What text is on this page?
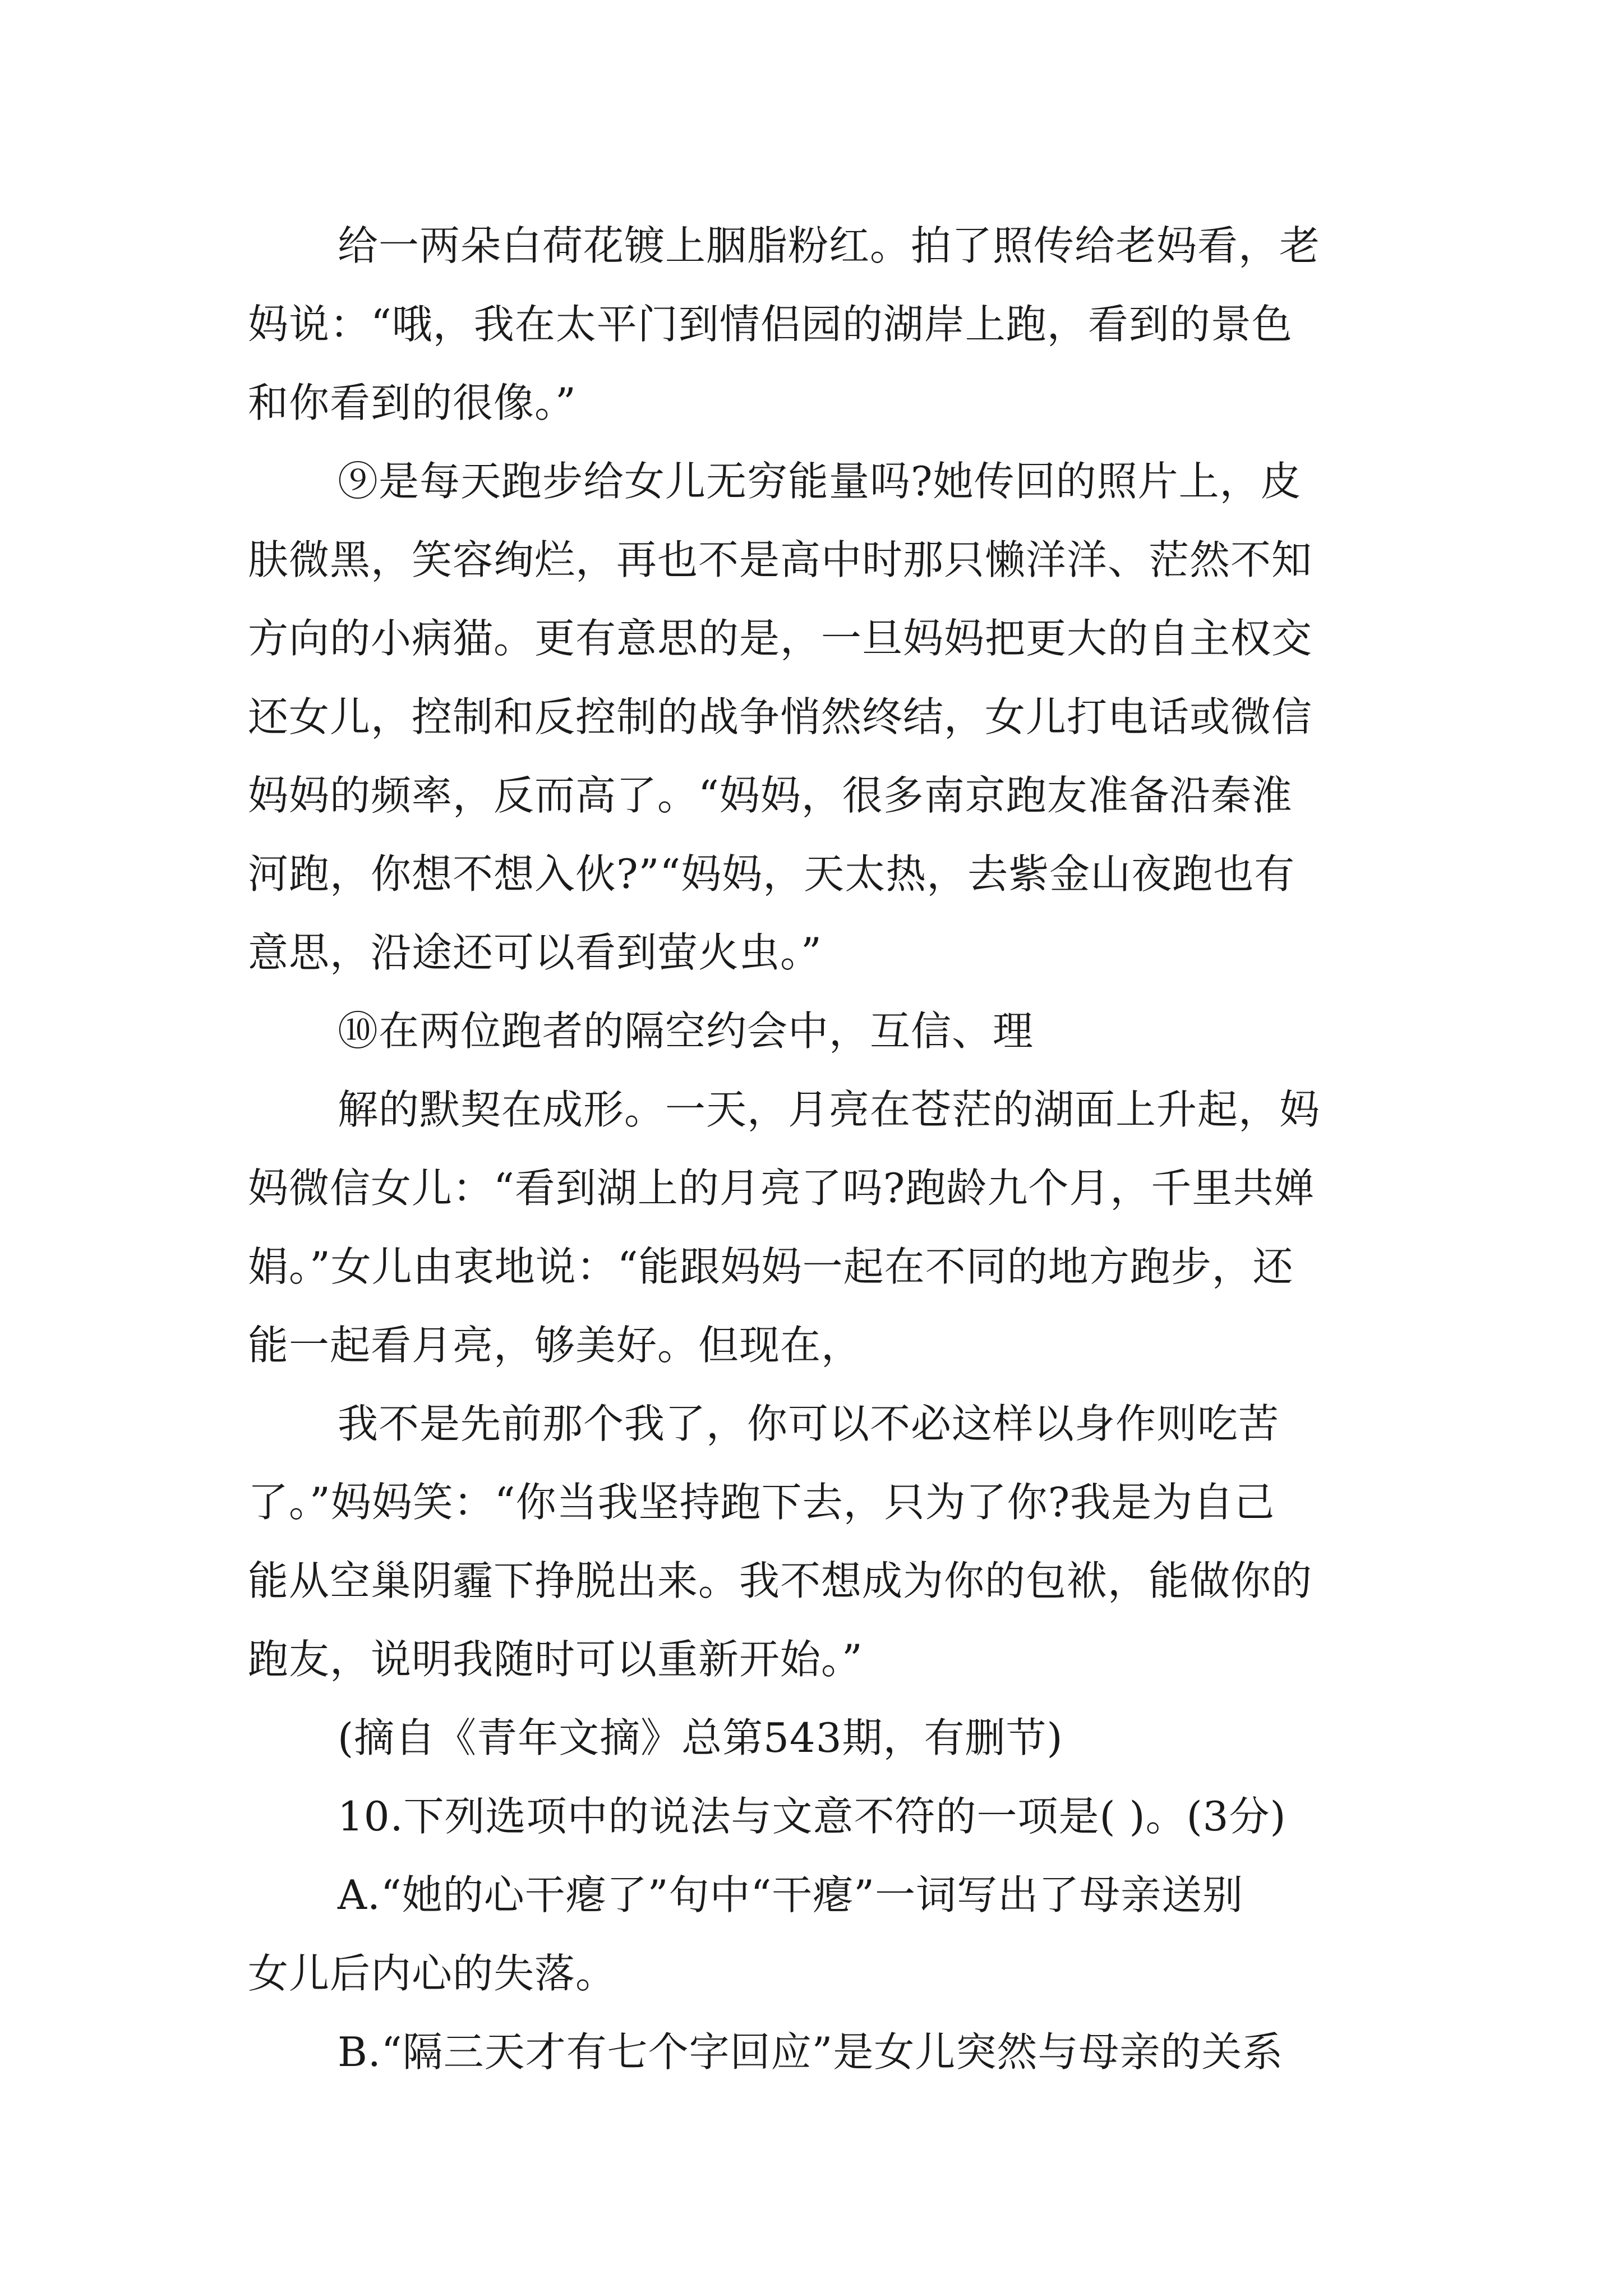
给一两朵白荷花镀上胭脂粉红。拍了照传给老妈看，老
妈说：“哦，我在太平门到情侣园的湖岸上跑，看到的景色
和你看到的很像。”

⑨是每天跑步给女儿无穷能量吗?她传回的照片上，皮
肤微黑，笑容绚烂，再也不是高中时那只懒洋洋、茫然不知
方向的小病猫。更有意思的是，一旦妈妈把更大的自主权交
还女儿，控制和反控制的战争悄然终结，女儿打电话或微信
妈妈的频率，反而高了。“妈妈，很多南京跑友准备沿秦淮
河跑，你想不想入伙?”“妈妈，天太热，去紫金山夜跑也有
意思，沿途还可以看到萤火虫。”

⑩在两位跑者的隔空约会中，互信、理

解的默契在成形。一天，月亮在苍茫的湖面上升起，妈
妈微信女儿：“看到湖上的月亮了吗?跑龄九个月，千里共婵
娟。”女儿由衷地说：“能跟妈妈一起在不同的地方跑步，还
能一起看月亮，够美好。但现在，

我不是先前那个我了，你可以不必这样以身作则吃苦
了。”妈妈笑：“你当我坚持跑下去，只为了你?我是为自己
能从空巢阴霾下挣脱出来。我不想成为你的包袱，能做你的
跑友，说明我随时可以重新开始。”

(摘自《青年文摘》总第543期，有删节)

10.下列选项中的说法与文意不符的一项是( )。(3分)

A.“她的心干瘪了”句中“干瘪”一词写出了母亲送别
女儿后内心的失落。

B.“隔三天才有七个字回应”是女儿突然与母亲的关系
